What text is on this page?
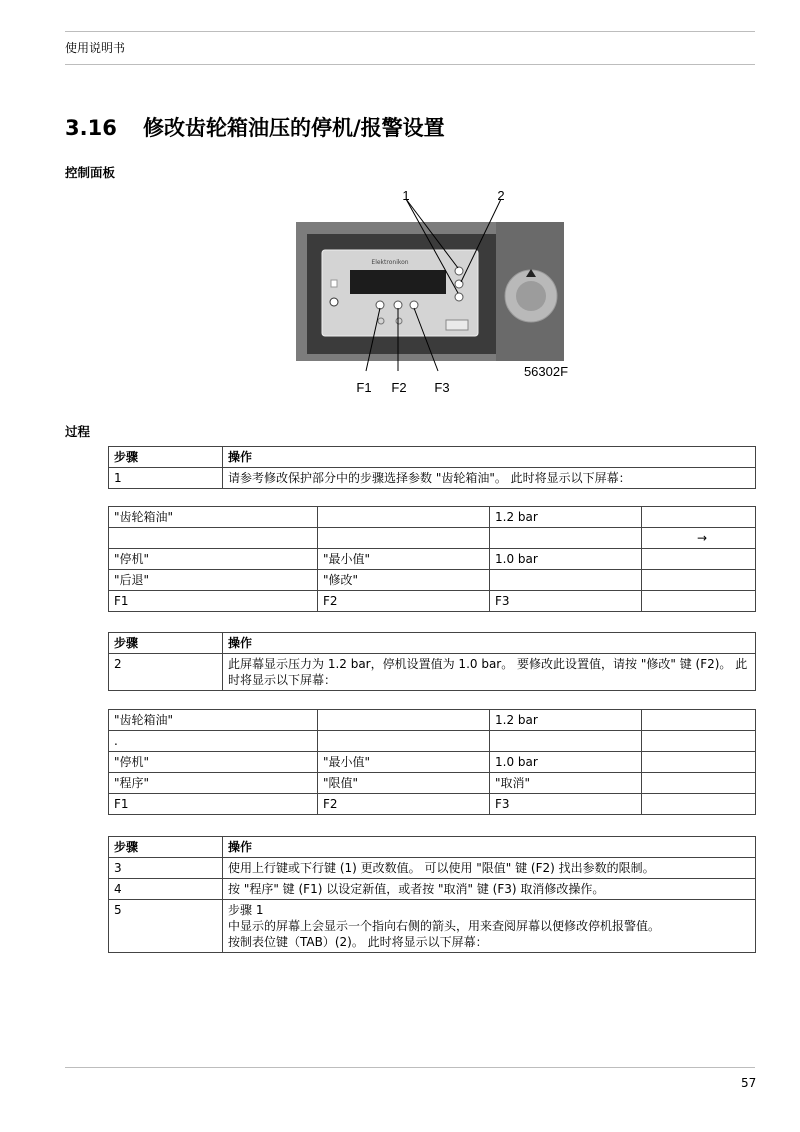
使用说明书
3.16 修改齿轮箱油压的停机/报警设置
控制面板
Elektronikon
1	2
F1 F2 F3
56302F
过程
步骤	操作
1	请参考修改保护部分中的步骤选择参数 "齿轮箱油"。 此时将显示以下屏幕：
"齿轮箱油"		1.2 bar	
			→
"停机"	"最小值"	1.0 bar	
"后退"	"修改"		
F1	F2	F3	
步骤	操作
2	此屏幕显示压力为 1.2 bar，停机设置值为 1.0 bar。 要修改此设置值，请按 "修改" 键 (F2)。 此时将显示以下屏幕：
"齿轮箱油"		1.2 bar	
.			
"停机"	"最小值"	1.0 bar	
"程序"	"限值"	"取消"	
F1	F2	F3	
步骤	操作
3	使用上行键或下行键 (1) 更改数值。 可以使用 "限值" 键 (F2) 找出参数的限制。
4	按 "程序" 键 (F1) 以设定新值，或者按 "取消" 键 (F3) 取消修改操作。
5	步骤 1
中显示的屏幕上会显示一个指向右侧的箭头，用来查阅屏幕以便修改停机报警值。
按制表位键（TAB）(2)。 此时将显示以下屏幕：
57
